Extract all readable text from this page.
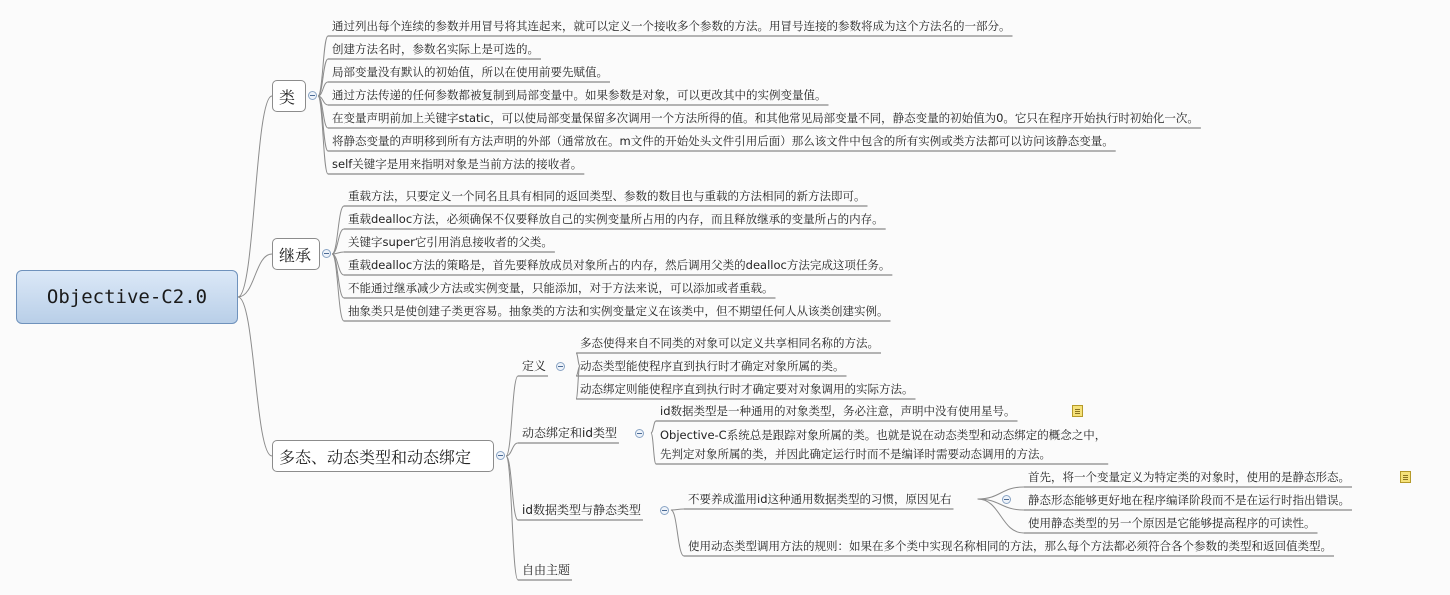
Objective-C2.0
类
通过列出每个连续的参数并用冒号将其连起来，就可以定义一个接收多个参数的方法。用冒号连接的参数将成为这个方法名的一部分。
创建方法名时，参数名实际上是可选的。
局部变量没有默认的初始值，所以在使用前要先赋值。
通过方法传递的任何参数都被复制到局部变量中。如果参数是对象，可以更改其中的实例变量值。
在变量声明前加上关键字static，可以使局部变量保留多次调用一个方法所得的值。和其他常见局部变量不同，静态变量的初始值为0。它只在程序开始执行时初始化一次。
将静态变量的声明移到所有方法声明的外部（通常放在。m文件的开始处头文件引用后面）那么该文件中包含的所有实例或类方法都可以访问该静态变量。
self关键字是用来指明对象是当前方法的接收者。
继承
重载方法，只要定义一个同名且具有相同的返回类型、参数的数目也与重载的方法相同的新方法即可。
重载dealloc方法，必须确保不仅要释放自己的实例变量所占用的内存，而且释放继承的变量所占的内存。
关键字super它引用消息接收者的父类。
重载dealloc方法的策略是，首先要释放成员对象所占的内存，然后调用父类的dealloc方法完成这项任务。
不能通过继承减少方法或实例变量，只能添加，对于方法来说，可以添加或者重载。
抽象类只是使创建子类更容易。抽象类的方法和实例变量定义在该类中，但不期望任何人从该类创建实例。
多态、动态类型和动态绑定
定义
多态使得来自不同类的对象可以定义共享相同名称的方法。
动态类型能使程序直到执行时才确定对象所属的类。
动态绑定则能使程序直到执行时才确定要对对象调用的实际方法。
动态绑定和id类型
id数据类型是一种通用的对象类型，务必注意，声明中没有使用星号。
Objective-C系统总是跟踪对象所属的类。也就是说在动态类型和动态绑定的概念之中，
先判定对象所属的类，并因此确定运行时而不是编译时需要动态调用的方法。
id数据类型与静态类型
不要养成滥用id这种通用数据类型的习惯，原因见右
首先，将一个变量定义为特定类的对象时，使用的是静态形态。
静态形态能够更好地在程序编译阶段而不是在运行时指出错误。
使用静态类型的另一个原因是它能够提高程序的可读性。
使用动态类型调用方法的规则：如果在多个类中实现名称相同的方法，那么每个方法都必须符合各个参数的类型和返回值类型。
自由主题
